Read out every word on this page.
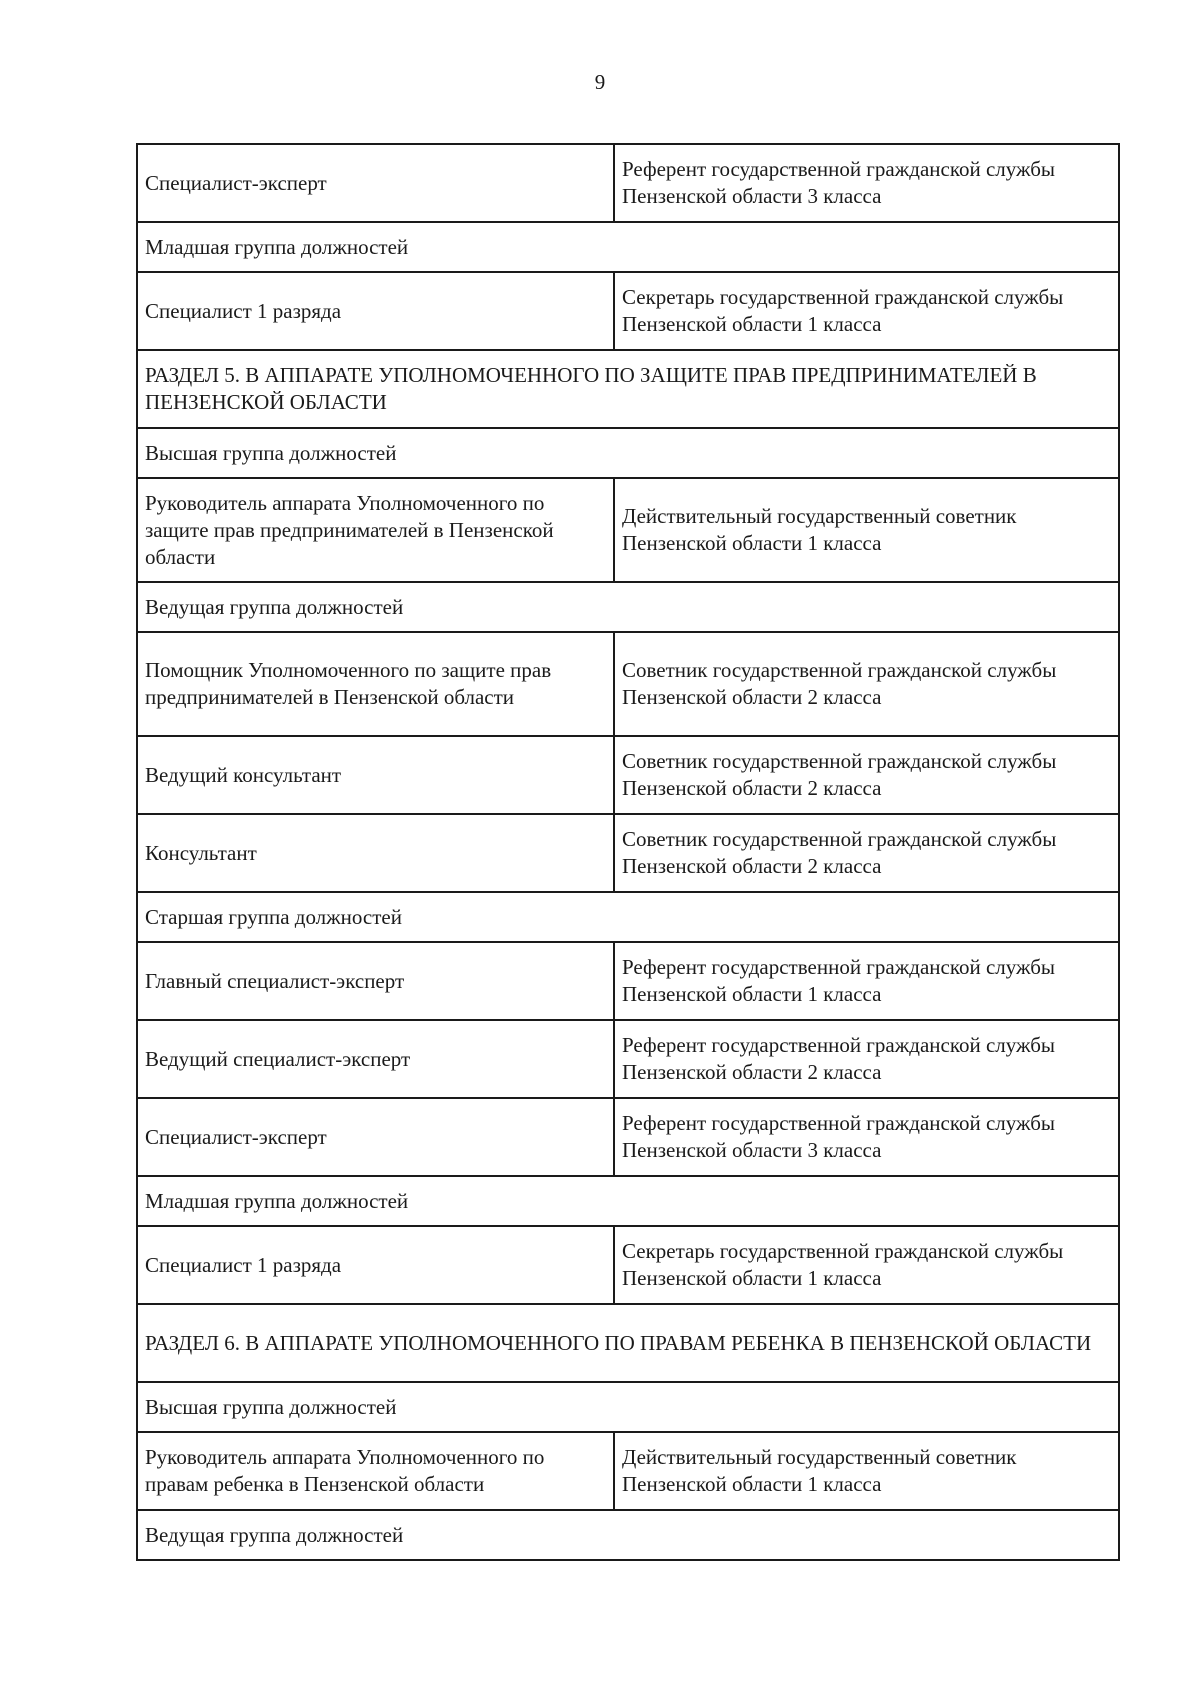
9
Специалист-эксперт	Референт государственной гражданской службы Пензенской области 3 класса
Младшая группа должностей	
Специалист 1 разряда	Секретарь государственной гражданской службы Пензенской области 1 класса
РАЗДЕЛ 5. В АППАРАТЕ УПОЛНОМОЧЕННОГО ПО ЗАЩИТЕ ПРАВ ПРЕДПРИНИМАТЕЛЕЙ В ПЕНЗЕНСКОЙ ОБЛАСТИ	
Высшая группа должностей	
Руководитель аппарата Уполномоченного по защите прав предпринимателей в Пензенской области	Действительный государственный советник Пензенской области 1 класса
Ведущая группа должностей	
Помощник Уполномоченного по защите прав предпринимателей в Пензенской области	Советник государственной гражданской службы Пензенской области 2 класса
Ведущий консультант	Советник государственной гражданской службы Пензенской области 2 класса
Консультант	Советник государственной гражданской службы Пензенской области 2 класса
Старшая группа должностей	
Главный специалист-эксперт	Референт государственной гражданской службы Пензенской области 1 класса
Ведущий специалист-эксперт	Референт государственной гражданской службы Пензенской области 2 класса
Специалист-эксперт	Референт государственной гражданской службы Пензенской области 3 класса
Младшая группа должностей	
Специалист 1 разряда	Секретарь государственной гражданской службы Пензенской области 1 класса
РАЗДЕЛ 6. В АППАРАТЕ УПОЛНОМОЧЕННОГО ПО ПРАВАМ РЕБЕНКА В ПЕНЗЕНСКОЙ ОБЛАСТИ	
Высшая группа должностей	
Руководитель аппарата Уполномоченного по правам ребенка в Пензенской области	Действительный государственный советник Пензенской области 1 класса
Ведущая группа должностей	
